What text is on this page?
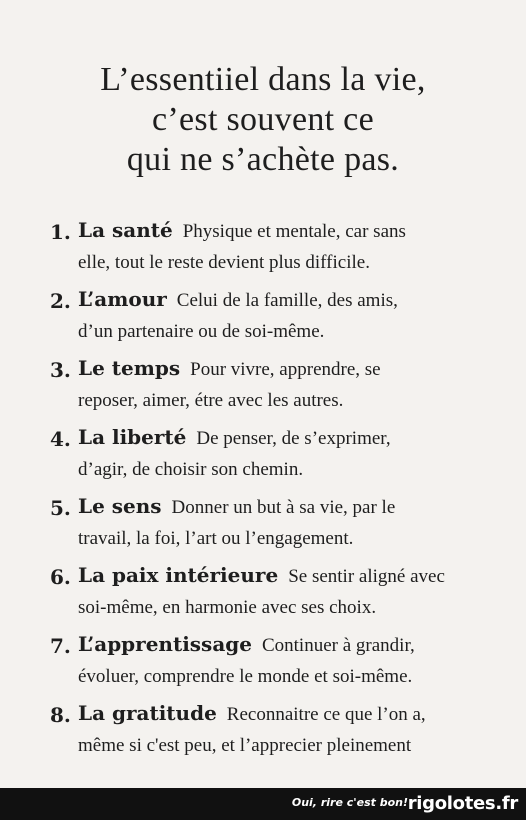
L’essentiiel dans la vie,
c’est souvent ce
qui ne s’achète pas.
1. La santé Physique et mentale, car sans
elle, tout le reste devient plus difficile.
2. L’amour Celui de la famille, des amis,
d’un partenaire ou de soi-même.
3. Le temps Pour vivre, apprendre, se
reposer, aimer, étre avec les autres.
4. La liberté De penser, de s’exprimer,
d’agir, de choisir son chemin.
5. Le sens Donner un but à sa vie, par le
travail, la foi, l’art ou l’engagement.
6. La paix intérieure Se sentir aligné avec
soi-même, en harmonie avec ses choix.
7. L’apprentissage Continuer à grandir,
évoluer, comprendre le monde et soi-même.
8. La gratitude Reconnaitre ce que l’on a,
même si c'est peu, et l’apprecier pleinement
Oui, rire c'est bon! rigolotes.fr
